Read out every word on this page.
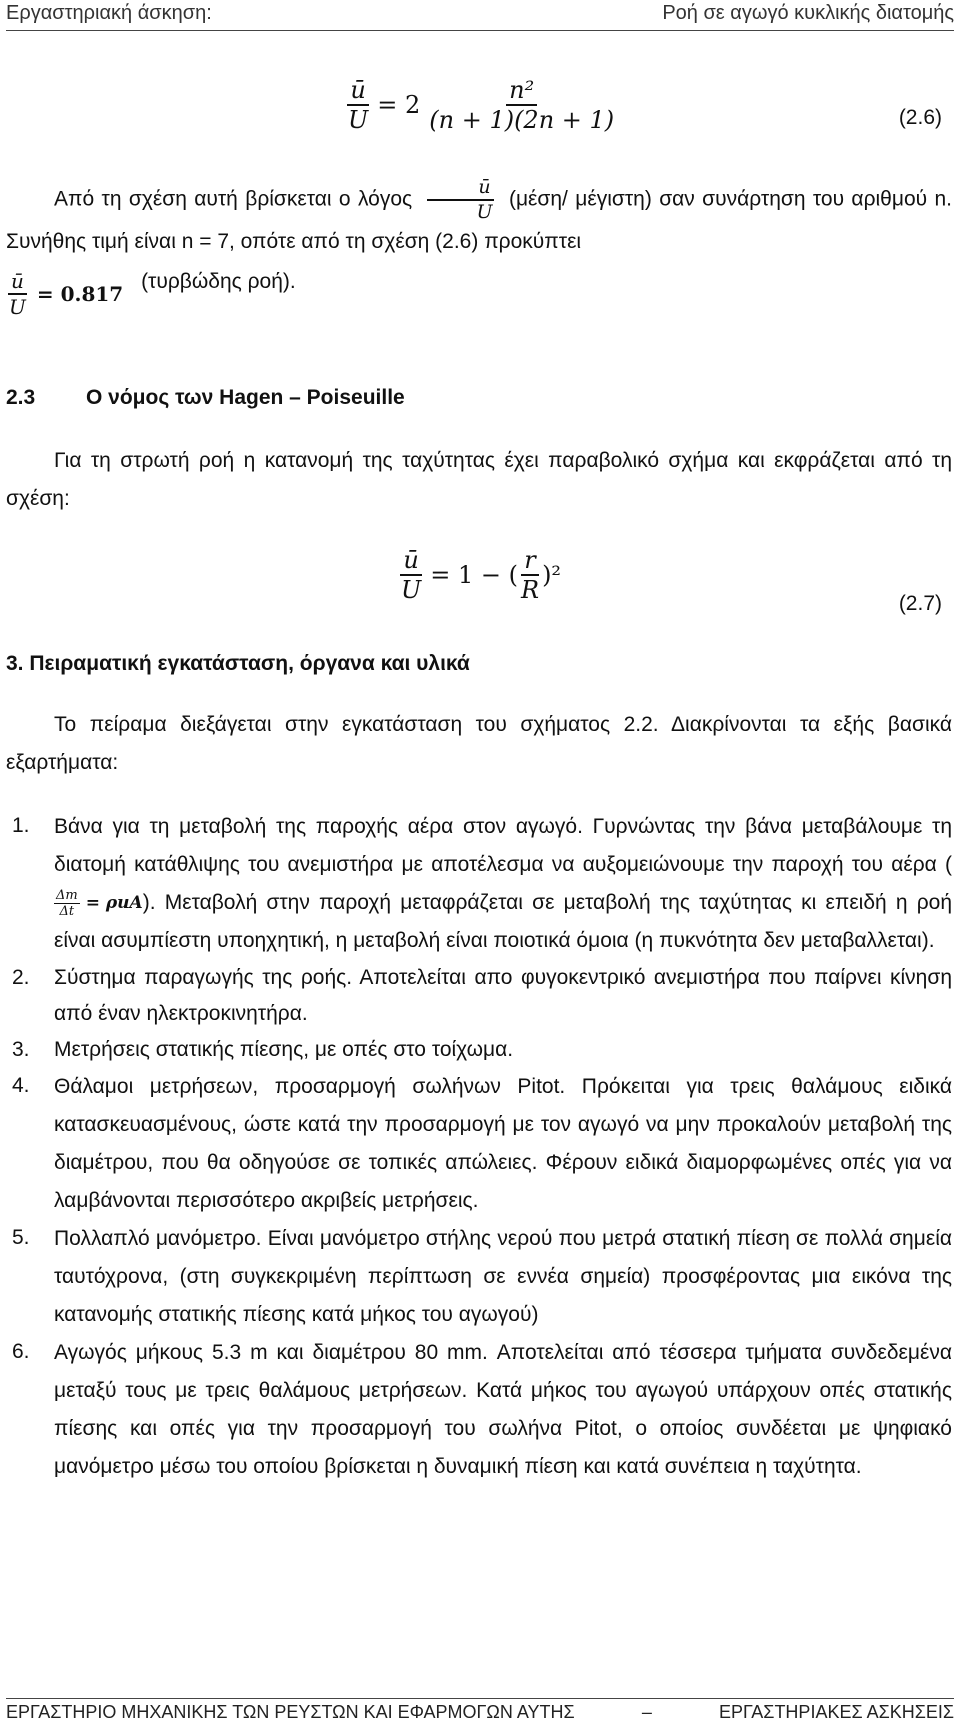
Εργαστηριακή άσκηση:	Ροή σε αγωγό κυκλικής διατομής
$\frac{ū}{U} = 2 \frac{\text{n²}}{(n + 1)(2n + 1)}$	(2.6)

Από τη σχέση αυτή βρίσκεται ο λόγος $\frac{ū}{U} (\mu έ\sigma\eta/$ μέγιστη) σαν συνάρτηση του αριθμού n. Συνήθης τιμή είναι n = 7, οπότε από τη σχέση (2.6) προκύπτει

$\frac{ū}{U} = 0.817$
(τυρβώδης ροή).

2.3	Ο νόμος των Hagen – Poiseuille

Για τη στρωτή ροή η κατανομή της ταχύτητας έχει παραβολικό σχήμα και εκφράζεται από τη σχέση:

$\frac{ū}{U} = 1$ − ( $\frac{r}{R} )^2$
(2.7)
3. Πειραματική εγκατάσταση, όργανα και υλικά

Το πείραμα διεξάγεται στην εγκατάσταση του σχήματος 2.2. Διακρίνονται τα εξής βασικά εξαρτήματα:

1.	Βάνα για τη μεταβολή της παροχής αέρα στον αγωγό. Γυρνώντας την βάνα μεταβάλουμε τη διατομή κατάθλιψης του ανεμιστήρα με αποτέλεσμα να αυξομειώνουμε την παροχή του αέρα (
$\frac{\Delta m}{\Delta t} = \rho uA$ ). Μεταβολή στην παροχή μεταφράζεται σε μεταβολή της ταχύτητας κι επειδή η ροή είναι ασυμπίεστη υποηχητική, η μεταβολή είναι ποιοτικά όμοια (η πυκνότητα δεν μεταβαλλεται).
2.	Σύστημα παραγωγής της ροής. Αποτελείται απο φυγοκεντρικό ανεμιστήρα που παίρνει κίνηση από έναν ηλεκτροκινητήρα.
3.	Μετρήσεις στατικής πίεσης, με οπές στο τοίχωμα.
4.	Θάλαμοι μετρήσεων, προσαρμογή σωλήνων Pitot. Πρόκειται για τρεις θαλάμους ειδικά κατασκευασμένους, ώστε κατά την προσαρμογή με τον αγωγό να μην προκαλούν μεταβολή της διαμέτρου, που θα οδηγούσε σε τοπικές απώλειες. Φέρουν ειδικά διαμορφωμένες οπές για να λαμβάνονται περισσότερο ακριβείς μετρήσεις.
5.	Πολλαπλό μανόμετρο. Είναι μανόμετρο στήλης νερού που μετρά στατική πίεση σε πολλά σημεία ταυτόχρονα, (στη συγκεκριμένη περίπτωση σε εννέα σημεία) προσφέροντας μια εικόνα της κατανομής στατικής πίεσης κατά μήκος του αγωγού)
6.	Αγωγός μήκους 5.3 m και διαμέτρου 80 mm. Αποτελείται από τέσσερα τμήματα συνδεδεμένα μεταξύ τους με τρεις θαλάμους μετρήσεων. Κατά μήκος του αγωγού υπάρχουν οπές στατικής πίεσης και οπές για την προσαρμογή του σωλήνα Pitot, ο οποίος συνδέεται με ψηφιακό μανόμετρο μέσω του οποίου βρίσκεται η δυναμική πίεση και κατά συνέπεια η ταχύτητα.
ΕΡΓΑΣΤΗΡΙΟ ΜΗΧΑΝΙΚΗΣ ΤΩΝ ΡΕΥΣΤΩΝ ΚΑΙ ΕΦΑΡΜΟΓΩΝ ΑΥΤΗΣ	–	ΕΡΓΑΣΤΗΡΙΑΚΕΣ ΑΣΚΗΣΕΙΣ
